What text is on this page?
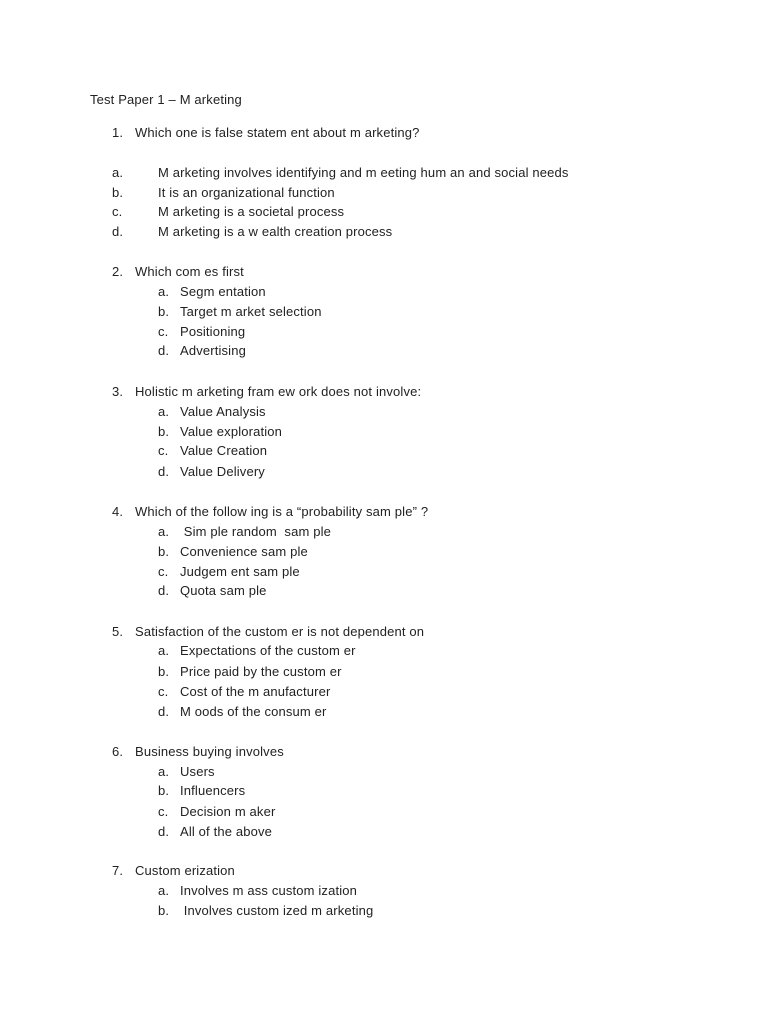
Test Paper 1 – M arketing
1. Which one is false statem ent about m arketing?
a.	M arketing involves identifying and m eeting hum an and social needs
b.	It is an organizational function
c.	M arketing is a societal process
d.	M arketing is a w ealth creation process
2. Which com es first
a. Segm entation
b. Target m arket selection
c. Positioning
d. Advertising
3. Holistic m arketing fram ew ork does not involve:
a. Value Analysis
b. Value exploration
c. Value Creation
d. Value Delivery
4. Which of the follow ing is a “probability sam ple” ?
a. Sim ple random  sam ple
b. Convenience sam ple
c. Judgem ent sam ple
d. Quota sam ple
5. Satisfaction of the custom er is not dependent on
a. Expectations of the custom er
b. Price paid by the custom er
c. Cost of the m anufacturer
d. M oods of the consum er
6. Business buying involves
a. Users
b. Influencers
c. Decision m aker
d. All of the above
7. Custom erization
a. Involves m ass custom ization
b. Involves custom ized m arketing
